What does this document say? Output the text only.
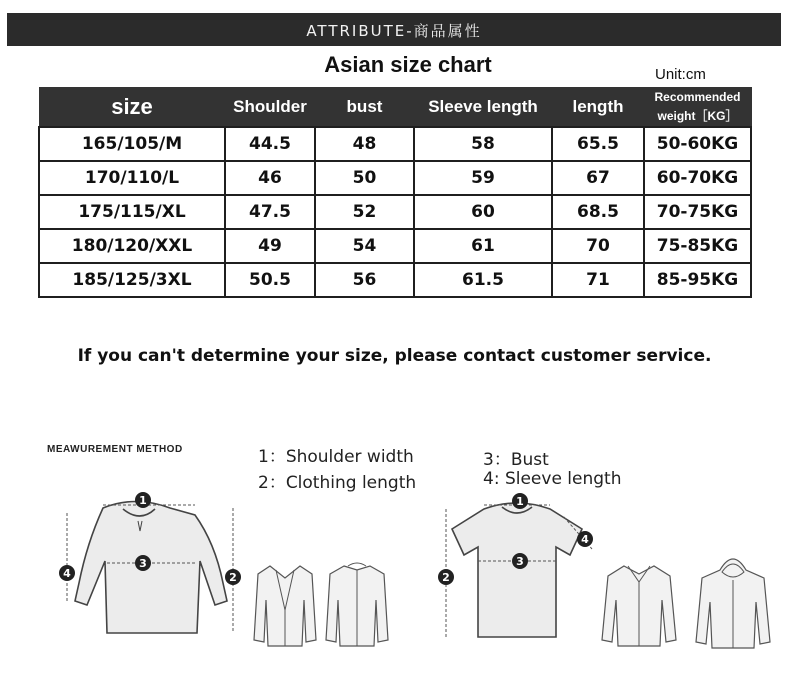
ATTRIBUTE-商品属性
Asian size chart	Unit:cm
size	Shoulder	bust	Sleeve length	length	Recommended
weight［KG］

165/105/M	44.5	48	58	65.5	50-60KG
170/110/L	46	50	59	67	60-70KG
175/115/XL	47.5	52	60	68.5	70-75KG
180/120/XXL	49	54	61	70	75-85KG
185/125/3XL	50.5	56	61.5	71	85-95KG
If you can't determine your size, please contact customer service.
MEAWUREMENT METHOD	1：Shoulder width
2：Clothing length
3：Bust
4: Sleeve length
1
3
2
4
1
3
2
4
